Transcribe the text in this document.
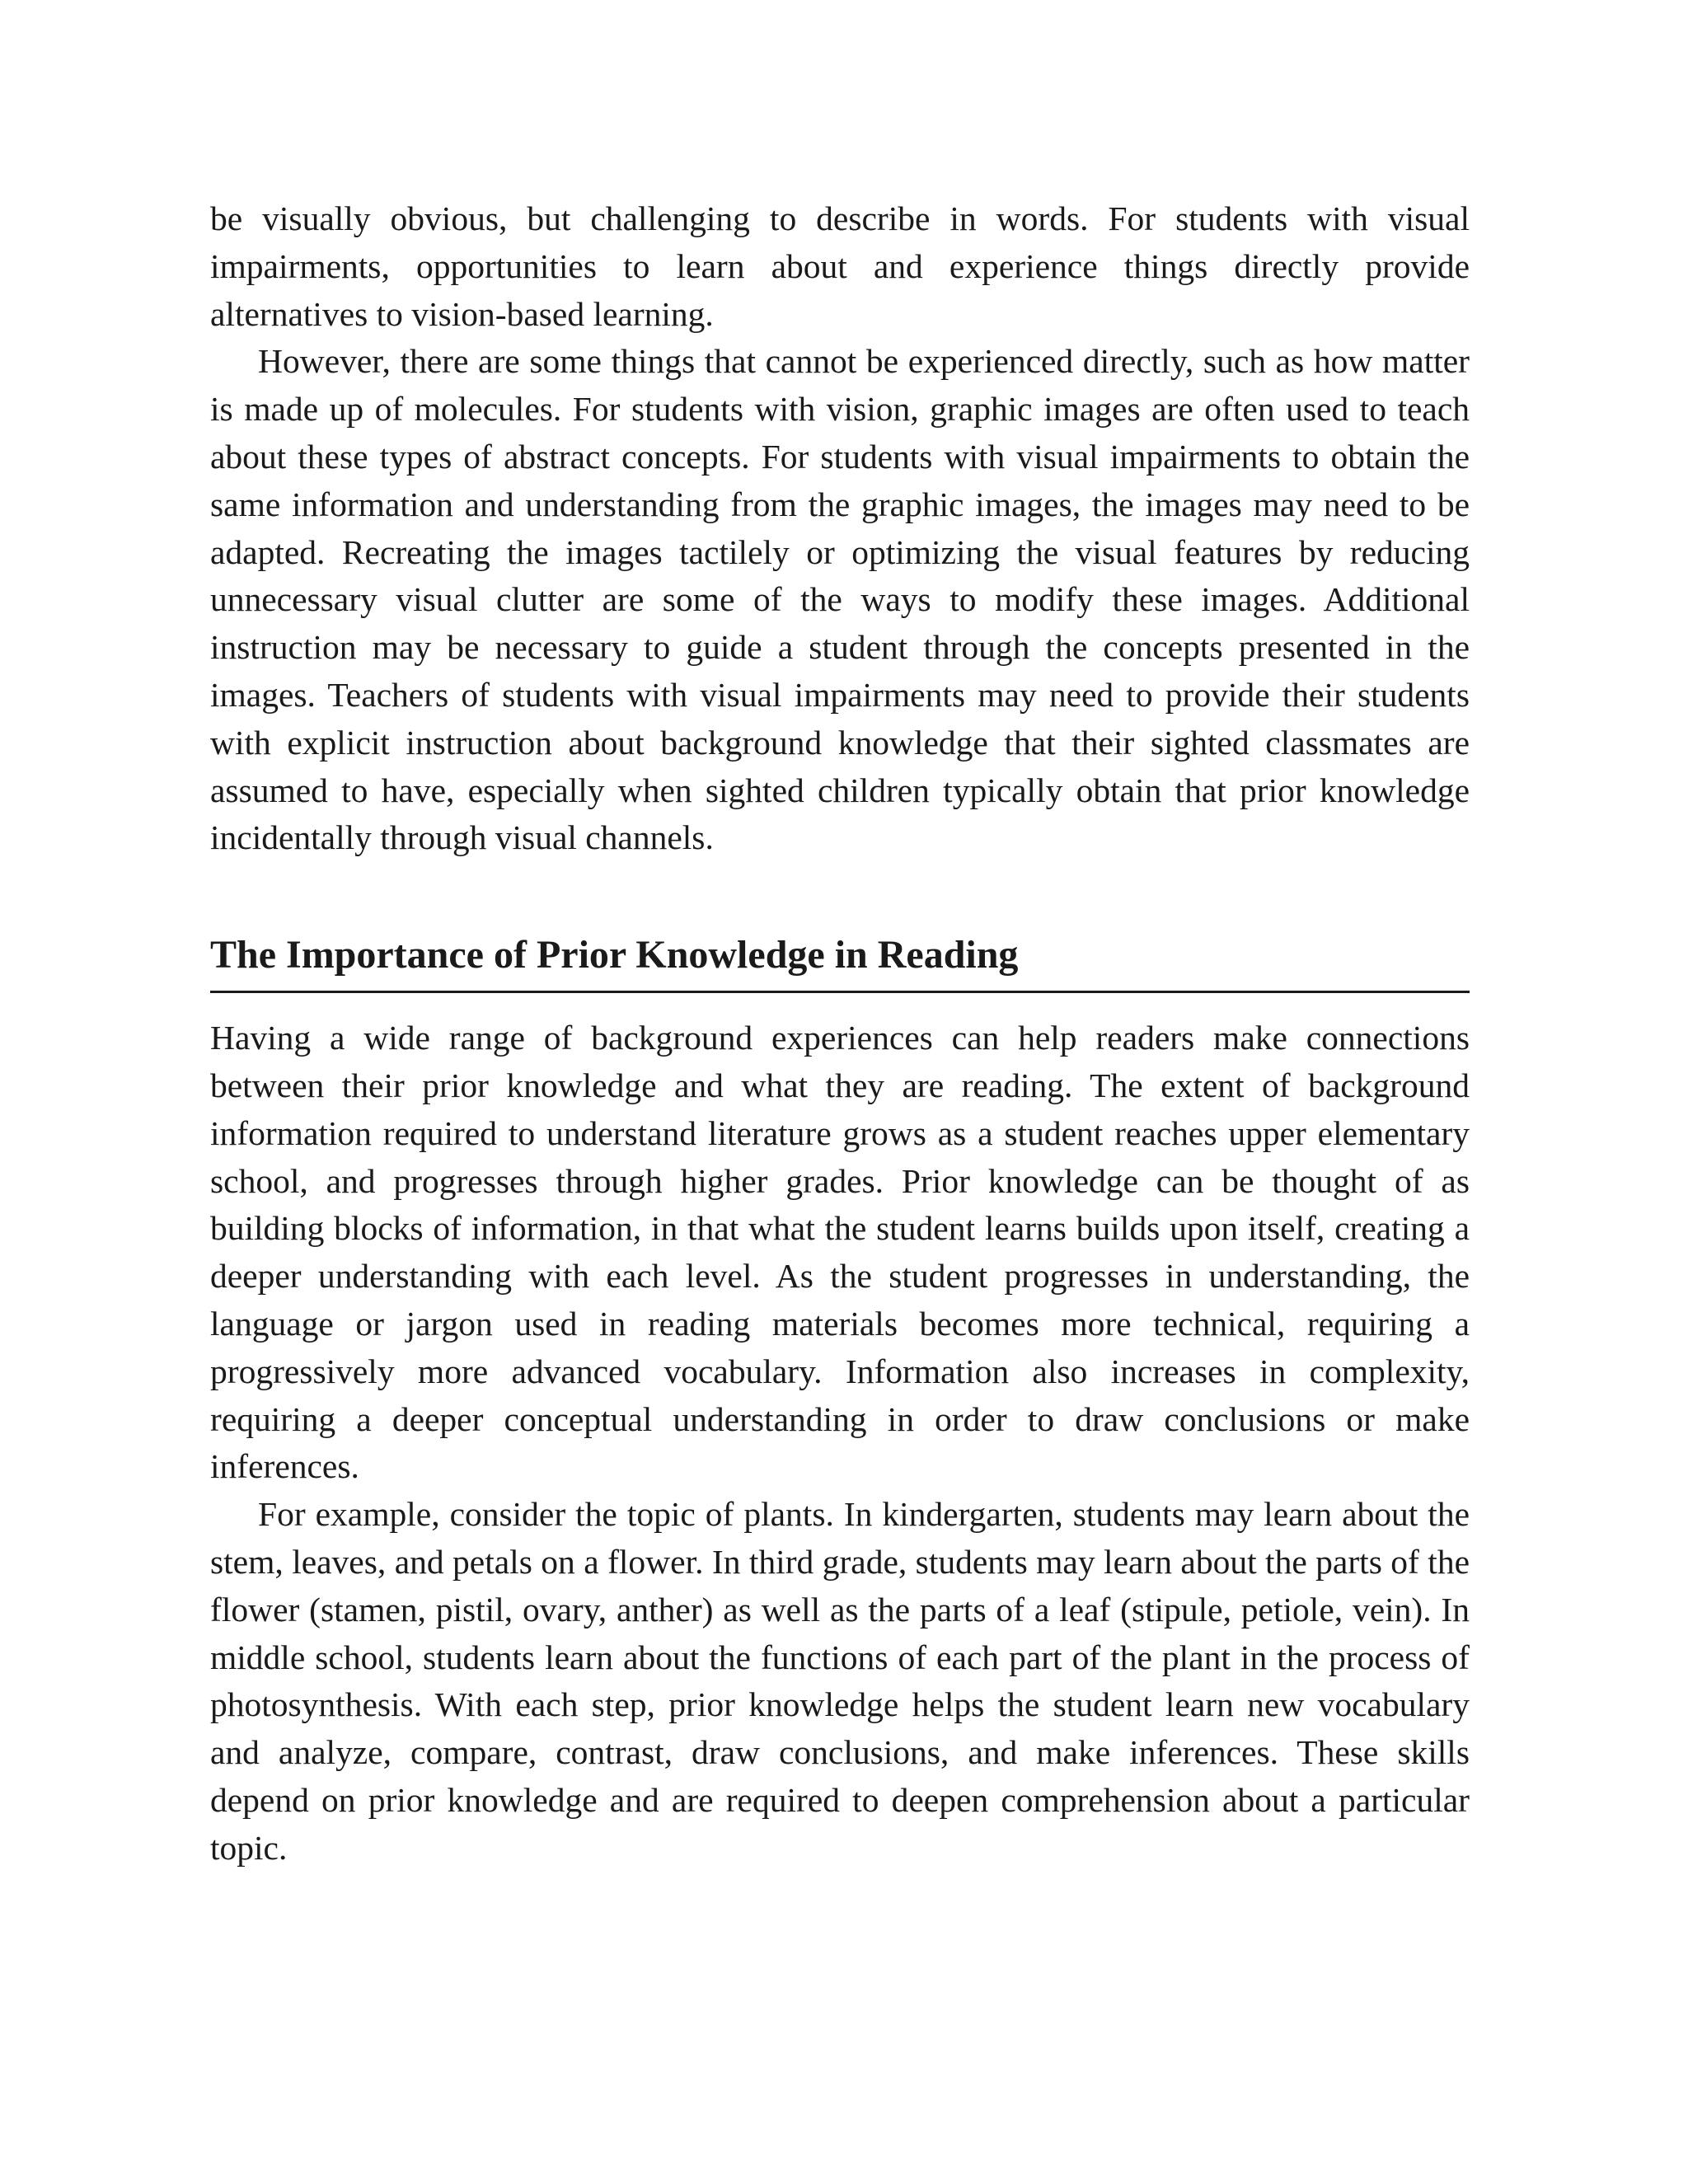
be visually obvious, but challenging to describe in words. For students with visual impairments, opportunities to learn about and experience things directly provide alternatives to vision-based learning.

However, there are some things that cannot be experienced directly, such as how matter is made up of molecules. For students with vision, graphic images are often used to teach about these types of abstract concepts. For students with visual impairments to obtain the same information and understanding from the graphic images, the images may need to be adapted. Recreating the images tactilely or optimizing the visual features by reducing unnecessary visual clutter are some of the ways to modify these images. Additional instruction may be necessary to guide a student through the concepts presented in the images. Teachers of students with visual impairments may need to provide their students with explicit instruction about background knowledge that their sighted classmates are assumed to have, especially when sighted children typically obtain that prior knowledge incidentally through visual channels.

The Importance of Prior Knowledge in Reading

Having a wide range of background experiences can help readers make connections between their prior knowledge and what they are reading. The extent of background information required to understand literature grows as a student reaches upper elementary school, and progresses through higher grades. Prior knowledge can be thought of as building blocks of information, in that what the student learns builds upon itself, creating a deeper understanding with each level. As the student progresses in understanding, the language or jargon used in reading materials becomes more technical, requiring a progressively more advanced vocabulary. Information also increases in complexity, requiring a deeper conceptual understanding in order to draw conclusions or make inferences.

For example, consider the topic of plants. In kindergarten, students may learn about the stem, leaves, and petals on a flower. In third grade, students may learn about the parts of the flower (stamen, pistil, ovary, anther) as well as the parts of a leaf (stipule, petiole, vein). In middle school, students learn about the functions of each part of the plant in the process of photosynthesis. With each step, prior knowledge helps the student learn new vocabulary and analyze, compare, contrast, draw conclusions, and make inferences. These skills depend on prior knowledge and are required to deepen comprehension about a particular topic.
